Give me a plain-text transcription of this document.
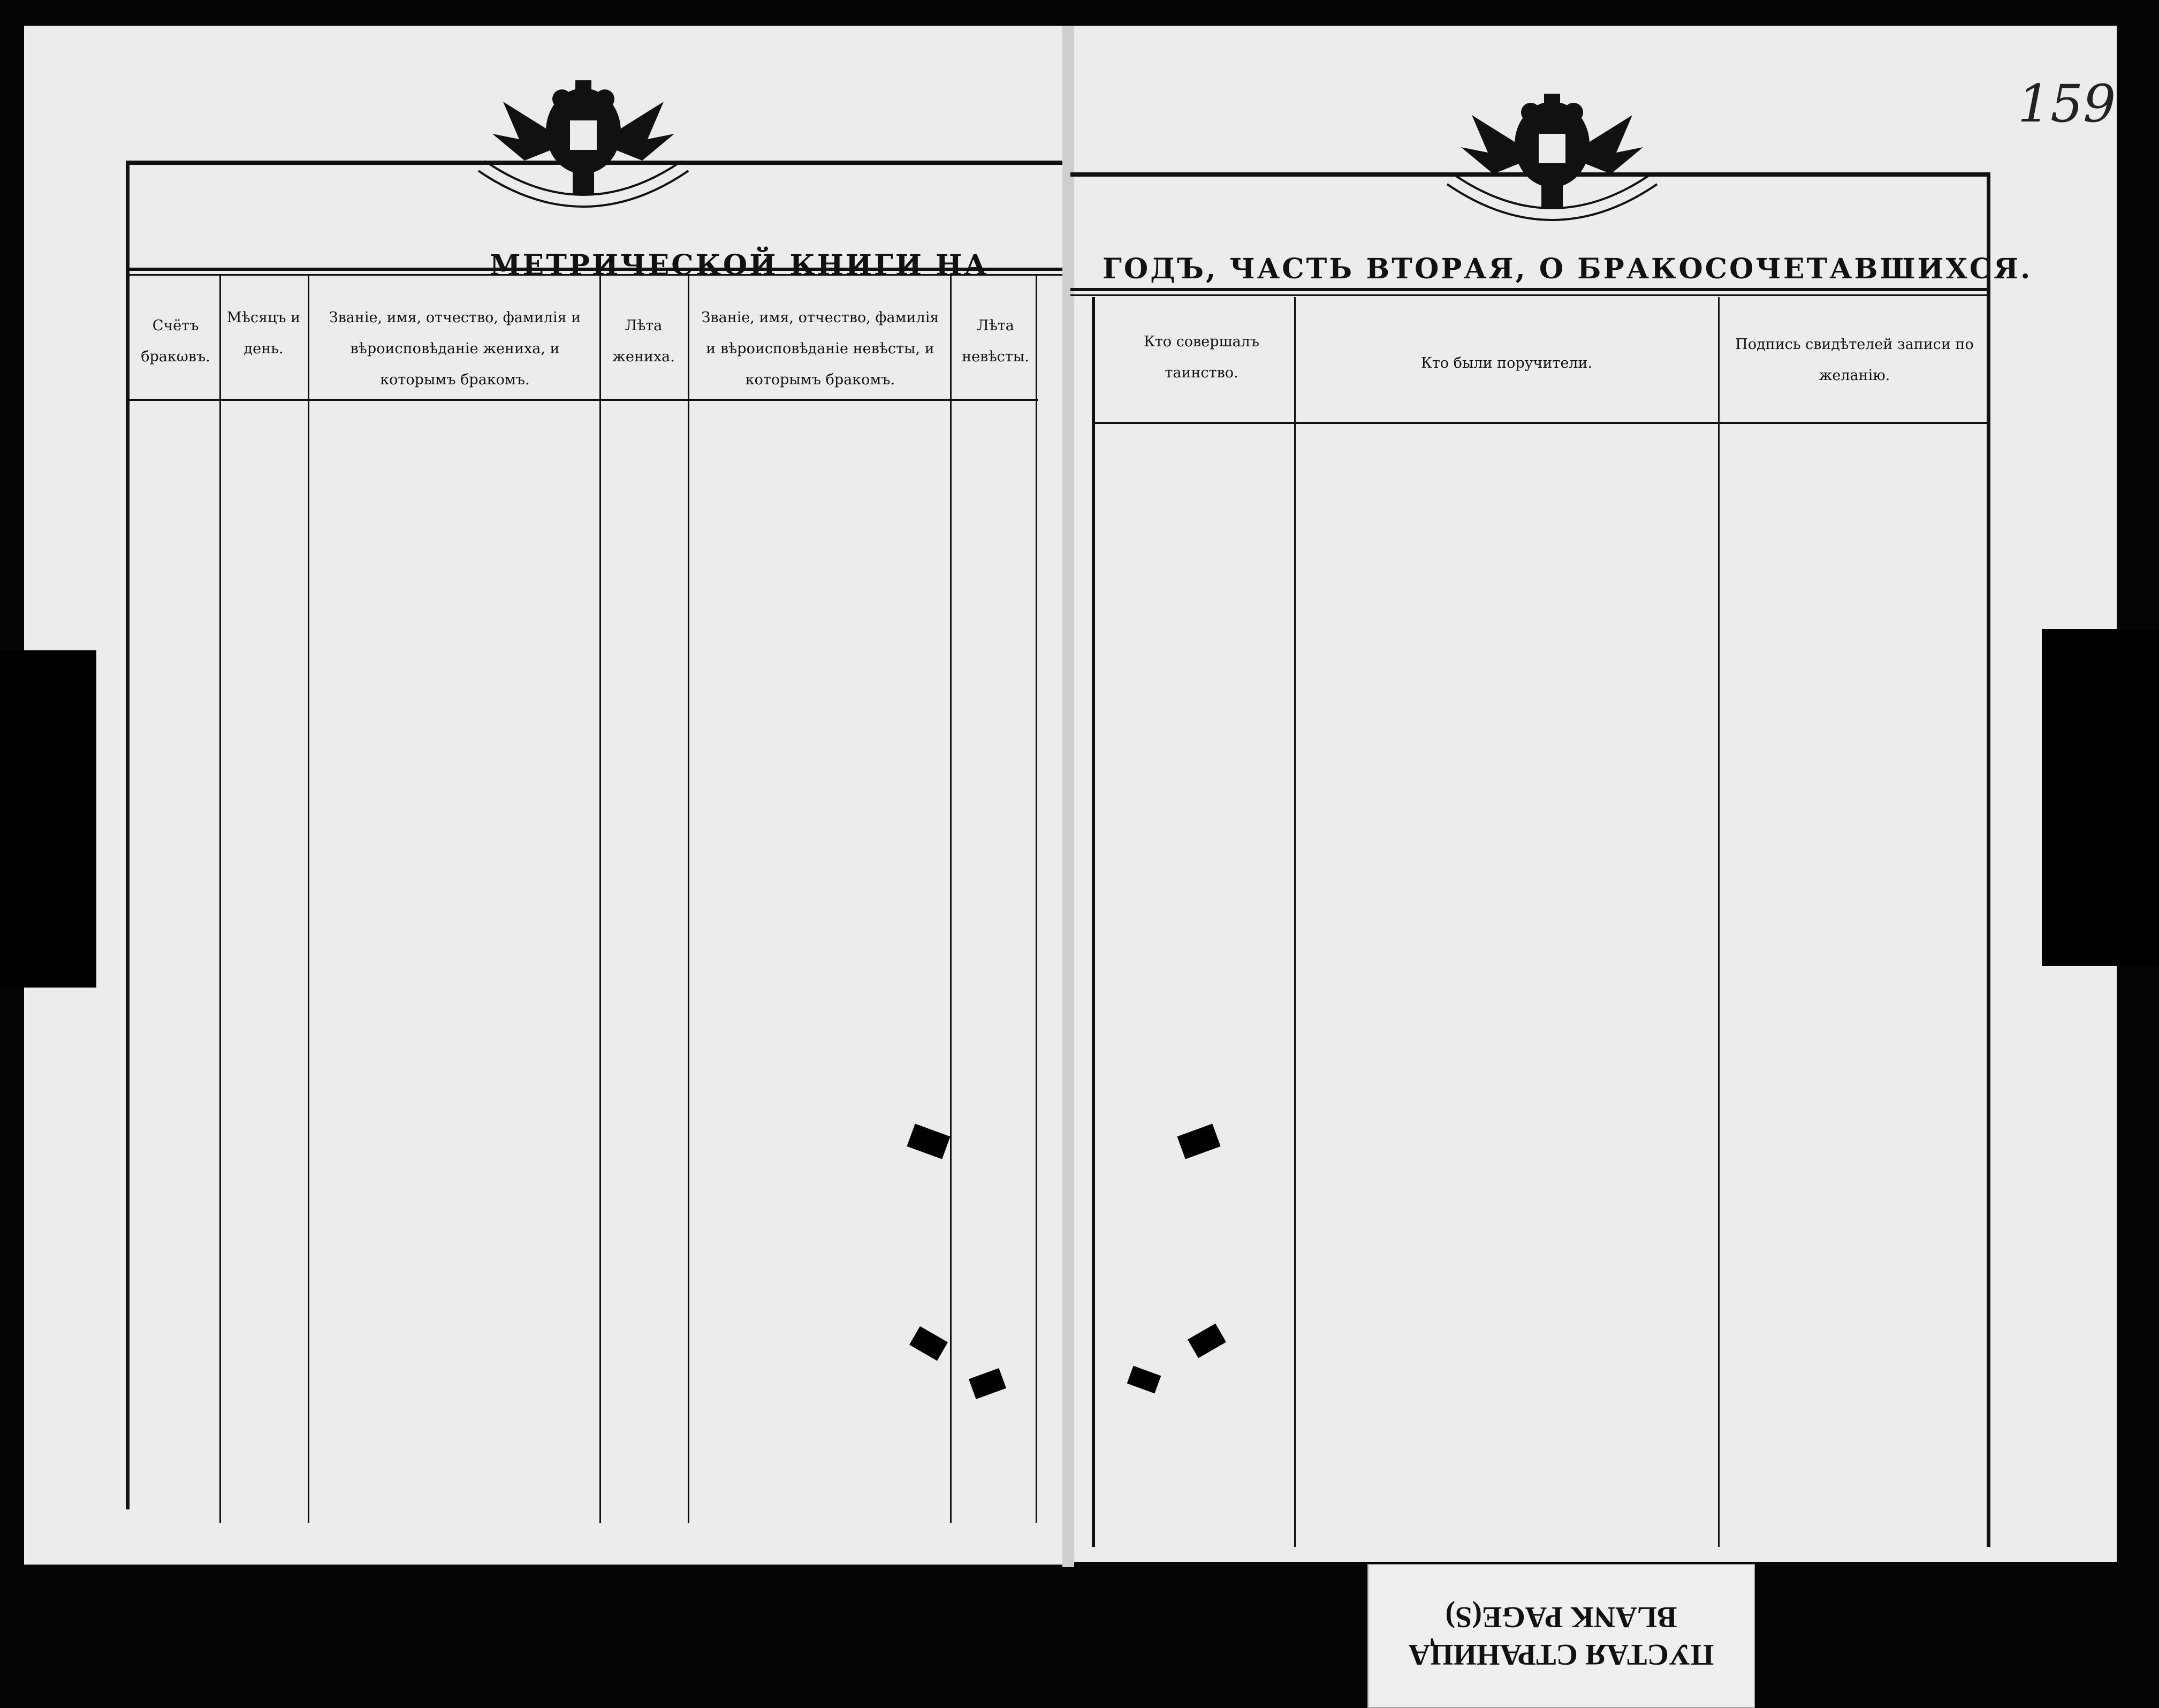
МЕТРИЧЕСКОЙ КНИГИ НА	ГОДЪ, ЧАСТЬ ВТОРАЯ, О БРАКОСОЧЕТАВШИХСЯ.
Счётъ бракωвъ.
Мѣсяцъ и день.
Званіе, имя, отчество, фамилія и вѣроисповѣданіе жениха, и которымъ бракомъ.
Лѣта жениха.
Званіе, имя, отчество, фамилія и вѣроисповѣданіе невѣсты, и которымъ бракомъ.
Лѣта невѣсты.
Кто совершалъ таинство.
Кто были поручители.
Подпись свидѣтелей записи по желанію.
159
ПУСТАЯ СТРАНИЦА
BLANK PAGE(S)
